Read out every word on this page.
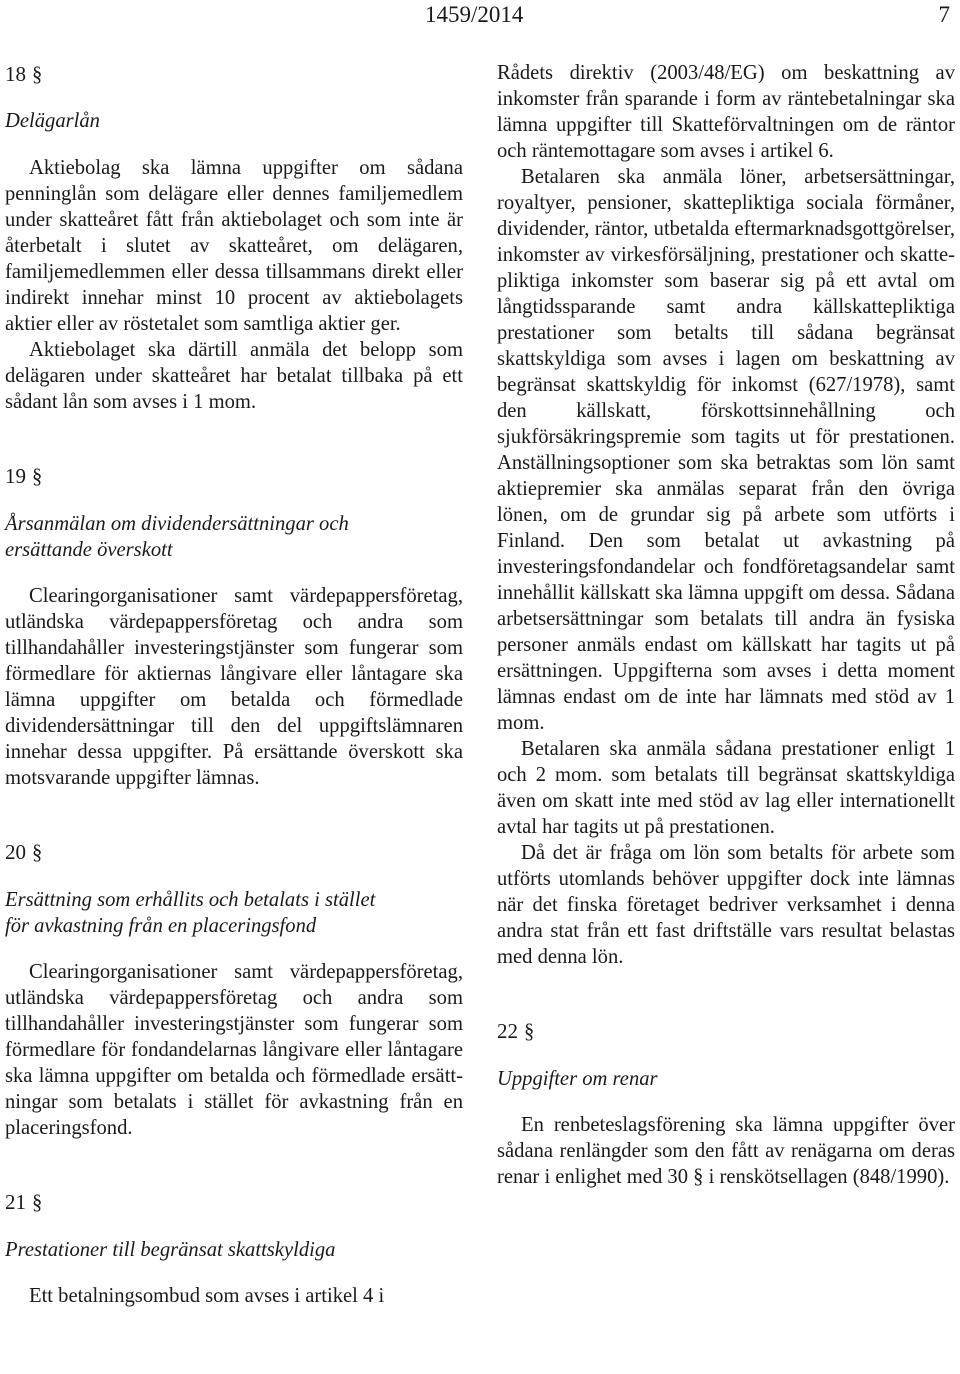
1459/2014	7

18 §

Delägarlån

Aktiebolag ska lämna uppgifter om sådana penninglån som delägare eller dennes familjemedlem under skatteåret fått från aktiebolaget och som inte är återbetalt i slutet av skatteåret, om delägaren, familjemedlemmen eller dessa tillsammans direkt eller indirekt innehar minst 10 procent av aktiebolagets aktier eller av röstetalet som samtliga aktier ger.

Aktiebolaget ska därtill anmäla det belopp som delägaren under skatteåret har betalat tillbaka på ett sådant lån som avses i 1 mom.

19 §

Årsanmälan om dividendersättningar och
ersättande överskott

Clearingorganisationer samt värdepappersföretag, utländska värdepappersföretag och andra som tillhandahåller investeringstjänster som fungerar som förmedlare för aktiernas långivare eller låntagare ska lämna uppgifter om betalda och förmedlade dividendersättningar till den del uppgiftslämnaren innehar dessa uppgifter. På ersättande överskott ska motsvarande uppgifter lämnas.

20 §

Ersättning som erhållits och betalats i stället
för avkastning från en placeringsfond

Clearingorganisationer samt värdepappersföretag, utländska värdepappersföretag och andra som tillhandahåller investeringstjänster som fungerar som förmedlare för fondandelarnas långivare eller låntagare ska lämna uppgifter om betalda och förmedlade ersättningar som betalats i stället för avkastning från en placeringsfond.

21 §

Prestationer till begränsat skattskyldiga

Ett betalningsombud som avses i artikel 4 i

Rådets direktiv (2003/48/EG) om beskattning av inkomster från sparande i form av räntebetalningar ska lämna uppgifter till Skatteförvaltningen om de räntor och räntemottagare som avses i artikel 6.

Betalaren ska anmäla löner, arbetsersättningar, royaltyer, pensioner, skattepliktiga sociala förmåner, dividender, räntor, utbetalda eftermarknadsgottgörelser, inkomster av virkesförsäljning, prestationer och skattepliktiga inkomster som baserar sig på ett avtal om långtidssparande samt andra källskattepliktiga prestationer som betalts till sådana begränsat skattskyldiga som avses i lagen om beskattning av begränsat skattskyldig för inkomst (627/1978), samt den källskatt, förskottsinnehållning och sjukförsäkringspremie som tagits ut för prestationen. Anställningsoptioner som ska betraktas som lön samt aktiepremier ska anmälas separat från den övriga lönen, om de grundar sig på arbete som utförts i Finland. Den som betalat ut avkastning på investeringsfondandelar och fondföretagsandelar samt innehållit källskatt ska lämna uppgift om dessa. Sådana arbetsersättningar som betalats till andra än fysiska personer anmäls endast om källskatt har tagits ut på ersättningen. Uppgifterna som avses i detta moment lämnas endast om de inte har lämnats med stöd av 1 mom.

Betalaren ska anmäla sådana prestationer enligt 1 och 2 mom. som betalats till begränsat skattskyldiga även om skatt inte med stöd av lag eller internationellt avtal har tagits ut på prestationen.

Då det är fråga om lön som betalts för arbete som utförts utomlands behöver uppgifter dock inte lämnas när det finska företaget bedriver verksamhet i denna andra stat från ett fast driftställe vars resultat belastas med denna lön.

22 §

Uppgifter om renar

En renbeteslagsförening ska lämna uppgifter över sådana renlängder som den fått av renägarna om deras renar i enlighet med 30 § i renskötsellagen (848/1990).
